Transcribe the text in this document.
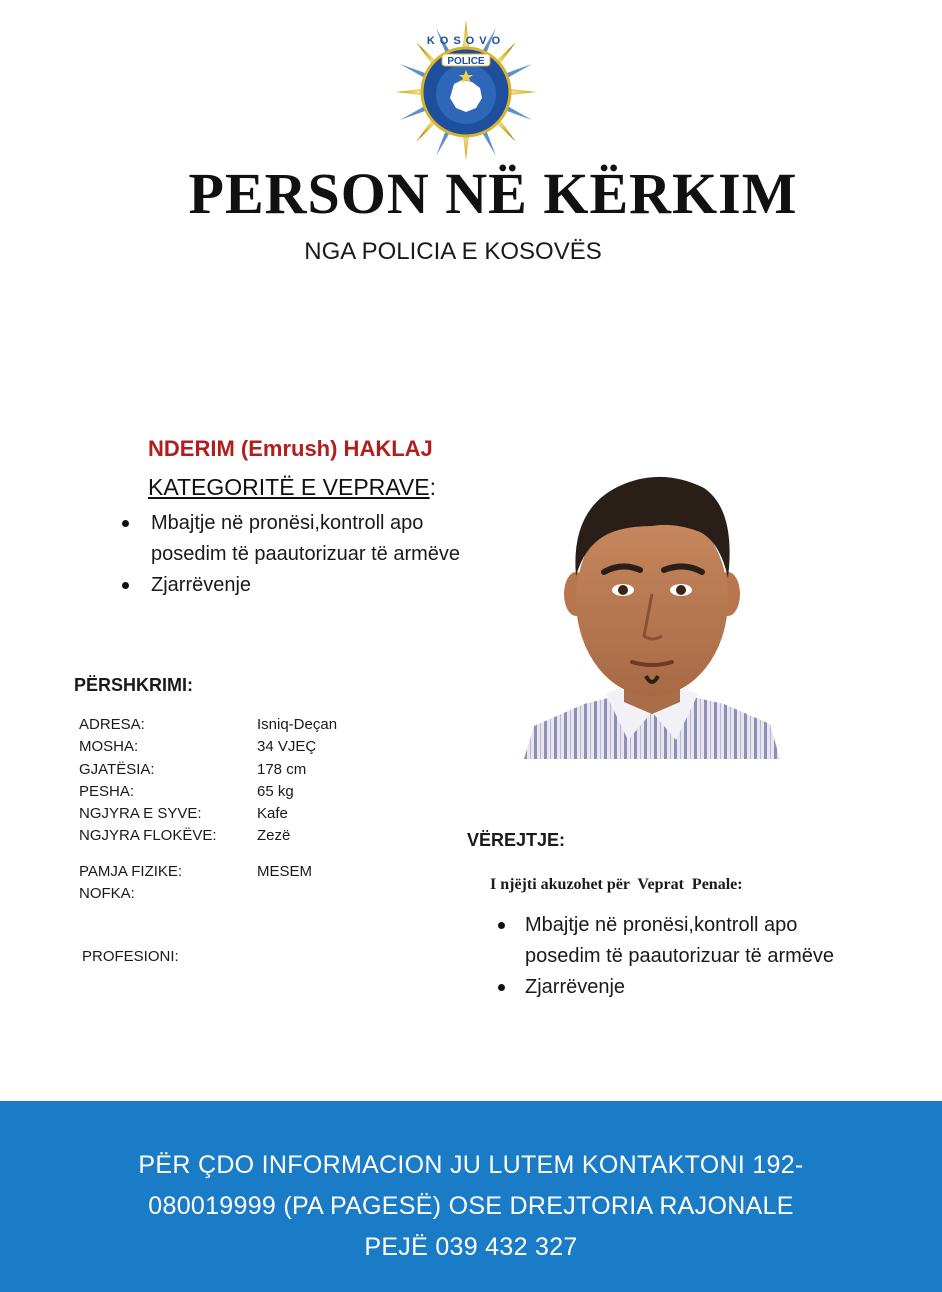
POLICE
KOSOVO
PERSON NË KËRKIM
NGA POLICIA E KOSOVËS
NDERIM (Emrush) HAKLAJ
KATEGORITË E VEPRAVE:
Mbajtje në pronësi,kontroll apo
posedim të paautorizuar të armëve
Zjarrëvenje
PËRSHKRIMI:
ADRESA:	Isniq-Deçan
MOSHA:	34 VJEÇ
GJATËSIA:	178 cm
PESHA:	65 kg
NGJYRA E SYVE:	Kafe
NGJYRA FLOKËVE:	Zezë
PAMJA FIZIKE:	MESEM
NOFKA:
PROFESIONI:
VËREJTJE:
I njëjti akuzohet për  Veprat  Penale:
Mbajtje në pronësi,kontroll apo
posedim të paautorizuar të armëve
Zjarrëvenje
PËR ÇDO INFORMACION JU LUTEM KONTAKTONI 192-
080019999 (PA PAGESË) OSE DREJTORIA RAJONALE
PEJË 039 432 327
